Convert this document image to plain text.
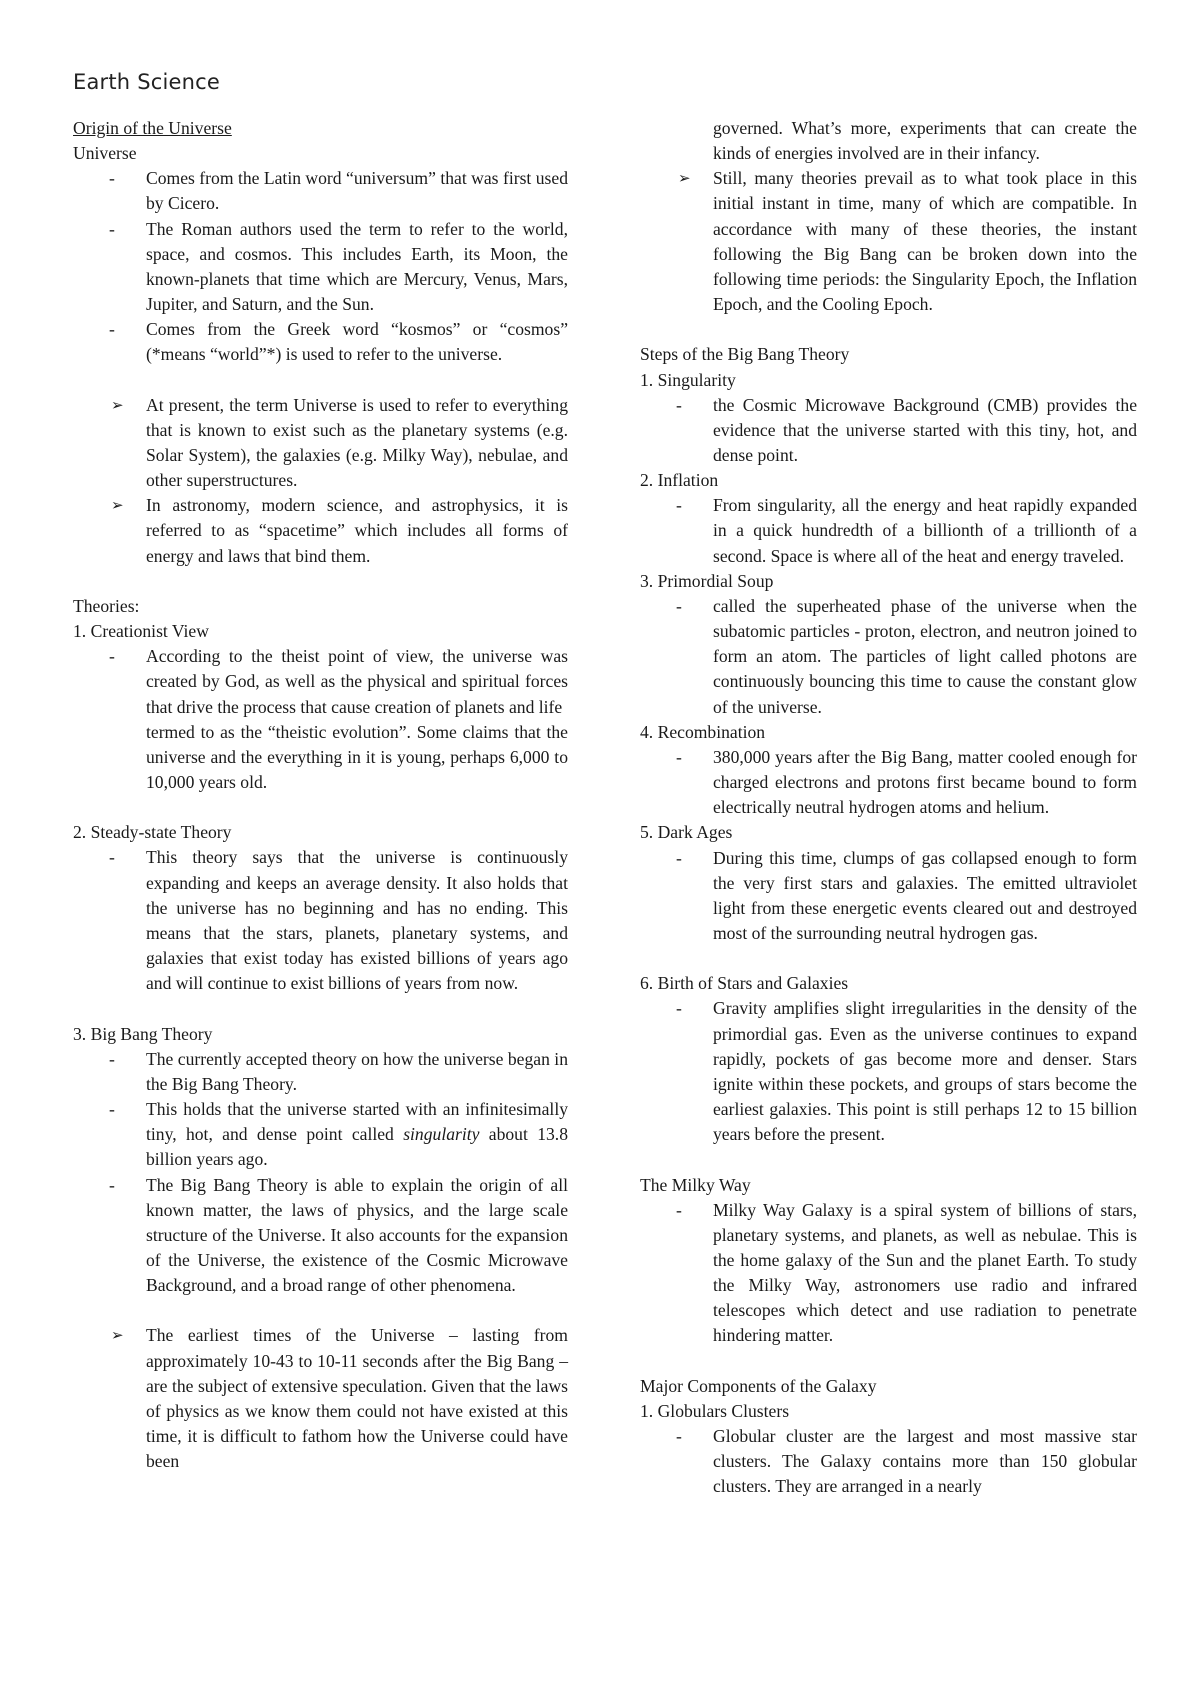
Earth Science

Origin of the Universe

Universe

-	Comes from the Latin word “universum” that was first used by Cicero.
-	The Roman authors used the term to refer to the world, space, and cosmos. This includes Earth, its Moon, the known-planets that time which are Mercury, Venus, Mars, Jupiter, and Saturn, and the Sun.
-	Comes from the Greek word “kosmos” or “cosmos” (*means “world”*) is used to refer to the universe.
➢	At present, the term Universe is used to refer to everything that is known to exist such as the planetary systems (e.g. Solar System), the galaxies (e.g. Milky Way), nebulae, and other superstructures.
➢	In astronomy, modern science, and astrophysics, it is referred to as “spacetime” which includes all forms of energy and laws that bind them.

Theories:

1. Creationist View

-	According to the theist point of view, the universe was created by God, as well as the physical and spiritual forces that drive the process that cause creation of planets and life
termed to as the “theistic evolution”. Some claims that the universe and the everything in it is young, perhaps 6,000 to 10,000 years old.

2. Steady-state Theory

-	This theory says that the universe is continuously expanding and keeps an average density. It also holds that the universe has no beginning and has no ending. This means that the stars, planets, planetary systems, and galaxies that exist today has existed billions of years ago and will continue to exist billions of years from now.

3. Big Bang Theory

-	The currently accepted theory on how the universe began in the Big Bang Theory.
-	This holds that the universe started with an infinitesimally tiny, hot, and dense point called singularity about 13.8 billion years ago.
-	The Big Bang Theory is able to explain the origin of all known matter, the laws of physics, and the large scale structure of the Universe. It also accounts for the expansion of the Universe, the existence of the Cosmic Microwave Background, and a broad range of other phenomena.
➢	The earliest times of the Universe – lasting from approximately 10-43 to 10-11 seconds after the Big Bang – are the subject of extensive speculation. Given that the laws of physics as we know them could not have existed at this time, it is difficult to fathom how the Universe could have been
governed. What’s more, experiments that can create the kinds of energies involved are in their infancy.
➢	Still, many theories prevail as to what took place in this initial instant in time, many of which are compatible. In accordance with many of these theories, the instant following the Big Bang can be broken down into the following time periods: the Singularity Epoch, the Inflation Epoch, and the Cooling Epoch.

Steps of the Big Bang Theory

1. Singularity

-	the Cosmic Microwave Background (CMB) provides the evidence that the universe started with this tiny, hot, and dense point.

2. Inflation

-	From singularity, all the energy and heat rapidly expanded in a quick hundredth of a billionth of a trillionth of a second. Space is where all of the heat and energy traveled.

3. Primordial Soup

-	called the superheated phase of the universe when the subatomic particles - proton, electron, and neutron joined to form an atom. The particles of light called photons are continuously bouncing this time to cause the constant glow of the universe.

4. Recombination

-	380,000 years after the Big Bang, matter cooled enough for charged electrons and protons first became bound to form electrically neutral hydrogen atoms and helium.

5. Dark Ages

-	During this time, clumps of gas collapsed enough to form the very first stars and galaxies. The emitted ultraviolet light from these energetic events cleared out and destroyed most of the surrounding neutral hydrogen gas.

6. Birth of Stars and Galaxies

-	Gravity amplifies slight irregularities in the density of the primordial gas. Even as the universe continues to expand rapidly, pockets of gas become more and denser. Stars ignite within these pockets, and groups of stars become the earliest galaxies. This point is still perhaps 12 to 15 billion years before the present.

The Milky Way

-	Milky Way Galaxy is a spiral system of billions of stars, planetary systems, and planets, as well as nebulae. This is the home galaxy of the Sun and the planet Earth. To study the Milky Way, astronomers use radio and infrared telescopes which detect and use radiation to penetrate hindering matter.

Major Components of the Galaxy

1. Globulars Clusters

-	Globular cluster are the largest and most massive star clusters. The Galaxy contains more than 150 globular clusters. They are arranged in a nearly
